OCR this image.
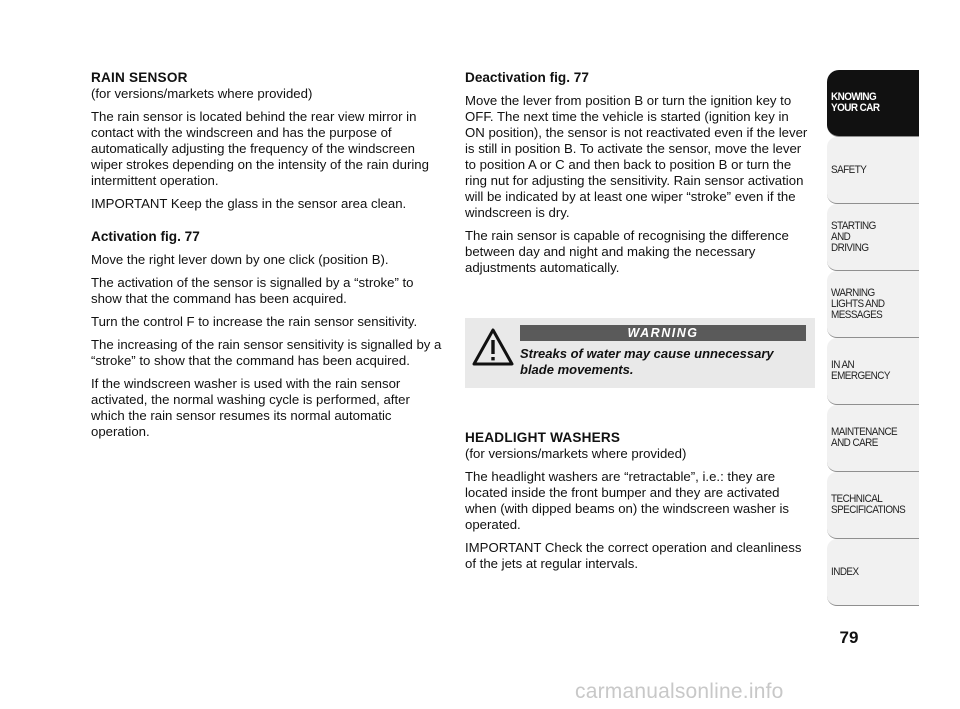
RAIN SENSOR

(for versions/markets where provided)

The rain sensor is located behind the rear view mirror in contact with the windscreen and has the purpose of automatically adjusting the frequency of the windscreen wiper strokes depending on the intensity of the rain during intermittent operation.

IMPORTANT Keep the glass in the sensor area clean.

Activation fig. 77

Move the right lever down by one click (position B).

The activation of the sensor is signalled by a “stroke” to show that the command has been acquired.

Turn the control F to increase the rain sensor sensitivity.

The increasing of the rain sensor sensitivity is signalled by a “stroke” to show that the command has been acquired.

If the windscreen washer is used with the rain sensor activated, the normal washing cycle is performed, after which the rain sensor resumes its normal automatic operation.

Deactivation fig. 77

Move the lever from position B or turn the ignition key to OFF. The next time the vehicle is started (ignition key in ON position), the sensor is not reactivated even if the lever is still in position B. To activate the sensor, move the lever to position A or C and then back to position B or turn the ring nut for adjusting the sensitivity. Rain sensor activation will be indicated by at least one wiper “stroke” even if the windscreen is dry.

The rain sensor is capable of recognising the difference between day and night and making the necessary adjustments automatically.

WARNING
Streaks of water may cause unnecessary blade movements.

HEADLIGHT WASHERS

(for versions/markets where provided)

The headlight washers are “retractable”, i.e.: they are located inside the front bumper and they are activated when (with dipped beams on) the windscreen washer is operated.

IMPORTANT Check the correct operation and cleanliness of the jets at regular intervals.

KNOWING
YOUR CAR
SAFETY
STARTING
AND
DRIVING
WARNING
LIGHTS AND
MESSAGES
IN AN
EMERGENCY
MAINTENANCE
AND CARE
TECHNICAL
SPECIFICATIONS
INDEX
79
carmanualsonline.info
